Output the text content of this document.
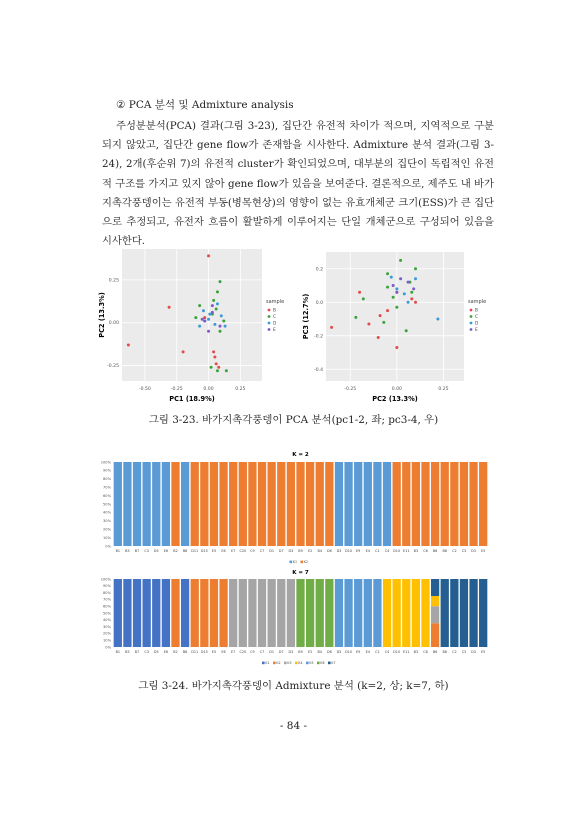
② PCA 분석 및 Admixture analysis
주성분분석(PCA) 결과(그림 3-23), 집단간 유전적 차이가 적으며, 지역적으로 구분되지 않았고, 집단간 gene flow가 존재함을 시사한다. Admixture 분석 결과(그림 3-24), 2개(후순위 7)의 유전적 cluster가 확인되었으며, 대부분의 집단이 독립적인 유전적 구조를 가지고 있지 않아 gene flow가 있음을 보여준다. 결론적으로, 제주도 내 바가지촉각풍뎅이는 유전적 부동(병목현상)의 영향이 없는 유효개체군 크기(ESS)가 큰 집단으로 추정되고, 유전자 흐름이 활발하게 이루어지는 단일 개체군으로 구성되어 있음을 시사한다.
-0.50	-0.25	0.00	0.25
0.25
0.00
-0.25
PC1 (18.9%)
PC2 (13.3%)	sample
B
C
D
E
-0.25	0.00	0.25
0.2
0.0
-0.2
-0.4
PC2 (13.3%)
PC3 (12.7%)	sample
B
C
D
E
그림 3-23. 바가지촉각풍뎅이 PCA 분석(pc1-2, 좌; pc3-4, 우)
K = 2
0%
10%
20%
30%
40%
50%
60%
70%
80%
90%
100%
B1 B5 B7 C3 D5 E6 B2 B8 D11 D15 E5 E6 E7 C20 C9 C7 D1 D7 D3 B9 E2 B4 D6 D3 D10 E9 E4 C1 C4 D10 E11 B3 C6 B6 B8 C2 C3 D3 E5
K1 K2
K = 7
0%
10%
20%
30%
40%
50%
60%
70%
80%
90%
100%
B1 B5 B7 C3 D5 E6 B2 B8 D11 D15 E5 E6 E7 C20 C9 C7 D1 D7 D3 B9 E2 B4 D6 D3 D10 E9 E4 C1 C4 D10 E11 B3 C6 B6 B8 C2 C3 D3 E5
K1 K2 K3 K4 K5 K6 K7
그림 3-24. 바가지촉각풍뎅이 Admixture 분석 (k=2, 상; k=7, 하)
- 84 -
